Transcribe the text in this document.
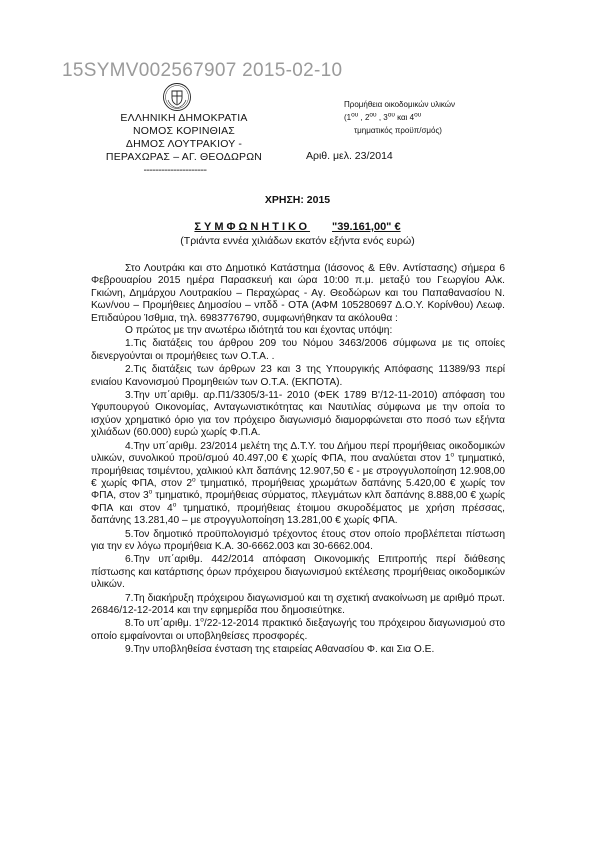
15SYMV002567907 2015-02-10
ΕΛΛΗΝΙΚΗ ΔΗΜΟΚΡΑΤΙΑ
ΝΟΜΟΣ ΚΟΡΙΝΘΙΑΣ
ΔΗΜΟΣ ΛΟΥΤΡΑΚΙΟΥ -
ΠΕΡΑΧΩΡΑΣ – ΑΓ. ΘΕΟΔΩΡΩΝ
---------------------
Προμήθεια οικοδομικών υλικών
($1^{o\upsilon}$ , $2^{o\upsilon}$ , $3^{o\upsilon}$ και $4^{o\upsilon}$
τμηματικός προϋπ/σμός)
Αριθ. μελ. 23/2014
ΧΡΗΣΗ: 2015
ΣΥΜΦΩΝΗΤΙΚΟ "39.161,00" €
(Τριάντα εννέα χιλιάδων εκατόν εξήντα ενός ευρώ)

Στο Λουτράκι και στο Δημοτικό Κατάστημα (Ιάσονος & Εθν. Αντίστασης) σήμερα 6 Φεβρουαρίου 2015 ημέρα Παρασκευή και ώρα 10:00 π.μ. μεταξύ του Γεωργίου Αλκ. Γκιώνη, Δημάρχου Λουτρακίου – Περαχώρας - Αγ. Θεοδώρων και του Παπαθανασίου Ν. Κων/νου – Προμήθειες Δημοσίου – νπδδ - ΟΤΑ (ΑΦΜ 105280697 Δ.Ο.Υ. Κορίνθου) Λεωφ. Επιδαύρου Ίσθμια, τηλ. 6983776790, συμφωνήθηκαν τα ακόλουθα :

Ο πρώτος με την ανωτέρω ιδιότητά του και έχοντας υπόψη:

1.Τις διατάξεις του άρθρου 209 του Νόμου 3463/2006 σύμφωνα με τις οποίες διενεργούνται οι προμήθειες των Ο.Τ.Α. .

2.Τις διατάξεις των άρθρων 23 και 3 της Υπουργικής Απόφασης 11389/93 περί ενιαίου Κανονισμού Προμηθειών των Ο.Τ.Α. (ΕΚΠΟΤΑ).

3.Την υπ΄αριθμ. αρ.Π1/3305/3-11- 2010 (ΦΕΚ 1789 Β'/12-11-2010) απόφαση του Υφυπουργού Οικονομίας, Ανταγωνιστικότητας και Ναυτιλίας σύμφωνα με την οποία το ισχύον χρηματικό όριο για τον πρόχειρο διαγωνισμό διαμορφώνεται στο ποσό των εξήντα χιλιάδων (60.000) ευρώ χωρίς Φ.Π.Α.

4.Την υπ΄αριθμ. 23/2014 μελέτη της Δ.Τ.Υ. του Δήμου περί προμήθειας οικοδομικών υλικών, συνολικού προϋ/σμού 40.497,00 € χωρίς ΦΠΑ, που αναλύεται στον $1^o$ τμηματικό, προμήθειας τσιμέντου, χαλικιού κλπ δαπάνης 12.907,50 € - με στρογγυλοποίηση 12.908,00 € χωρίς ΦΠΑ, στον $2^o$ τμηματικό, προμήθειας χρωμάτων δαπάνης 5.420,00 € χωρίς τον ΦΠΑ, στον $3^o$ τμηματικό, προμήθειας σύρματος, πλεγμάτων κλπ δαπάνης 8.888,00 € χωρίς ΦΠΑ και στον $4^o$ τμηματικό, προμήθειας έτοιμου σκυροδέματος με χρήση πρέσσας, δαπάνης 13.281,40 – με στρογγυλοποίηση 13.281,00 € χωρίς ΦΠΑ.

5.Τον δημοτικό προϋπολογισμό τρέχοντος έτους στον οποίο προβλέπεται πίστωση για την εν λόγω προμήθεια Κ.Α. 30-6662.003 και 30-6662.004.

6.Την υπ΄αριθμ. 442/2014 απόφαση Οικονομικής Επιτροπής περί διάθεσης πίστωσης και κατάρτισης όρων πρόχειρου διαγωνισμού εκτέλεσης προμήθειας οικοδομικών υλικών.

7.Τη διακήρυξη πρόχειρου διαγωνισμού και τη σχετική ανακοίνωση με αριθμό πρωτ. 26846/12-12-2014 και την εφημερίδα που δημοσιεύτηκε.

8.Το υπ΄αριθμ. $1^o/22-12-2014$ πρακτικό διεξαγωγής του πρόχειρου διαγωνισμού στο οποίο εμφαίνονται οι υποβληθείσες προσφορές.

9.Την υποβληθείσα ένσταση της εταιρείας Αθανασίου Φ. και Σια Ο.Ε.
